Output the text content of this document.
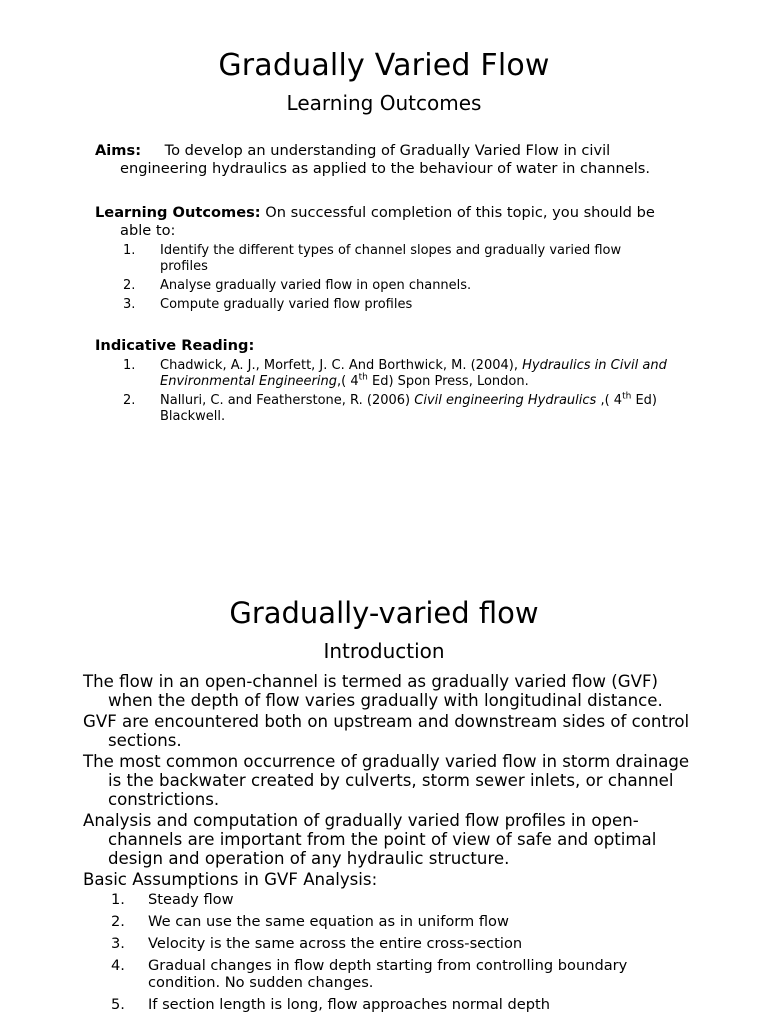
Gradually Varied Flow
Learning Outcomes
Aims: To develop an understanding of Gradually Varied Flow in civil
engineering hydraulics as applied to the behaviour of water in channels.
Learning Outcomes: On successful completion of this topic, you should be
able to:
1. Identify the different types of channel slopes and gradually varied flow profiles
2. Analyse gradually varied flow in open channels.
3. Compute gradually varied flow profiles
Indicative Reading:
1. Chadwick, A. J., Morfett, J. C. And Borthwick, M. (2004), Hydraulics in Civil and Environmental Engineering,( 4th Ed) Spon Press, London.
2. Nalluri, C. and Featherstone, R. (2006) Civil engineering Hydraulics ,( 4th Ed) Blackwell.
Gradually-varied flow
Introduction

The flow in an open-channel is termed as gradually varied flow (GVF) when the depth of flow varies gradually with longitudinal distance.

GVF are encountered both on upstream and downstream sides of control sections.

The most common occurrence of gradually varied flow in storm drainage is the backwater created by culverts, storm sewer inlets, or channel constrictions.

Analysis and computation of gradually varied flow profiles in open-channels are important from the point of view of safe and optimal design and operation of any hydraulic structure.

Basic Assumptions in GVF Analysis:

1. Steady flow
2. We can use the same equation as in uniform flow
3. Velocity is the same across the entire cross-section
4. Gradual changes in flow depth starting from controlling boundary condition. No sudden changes.
5. If section length is long, flow approaches normal depth
